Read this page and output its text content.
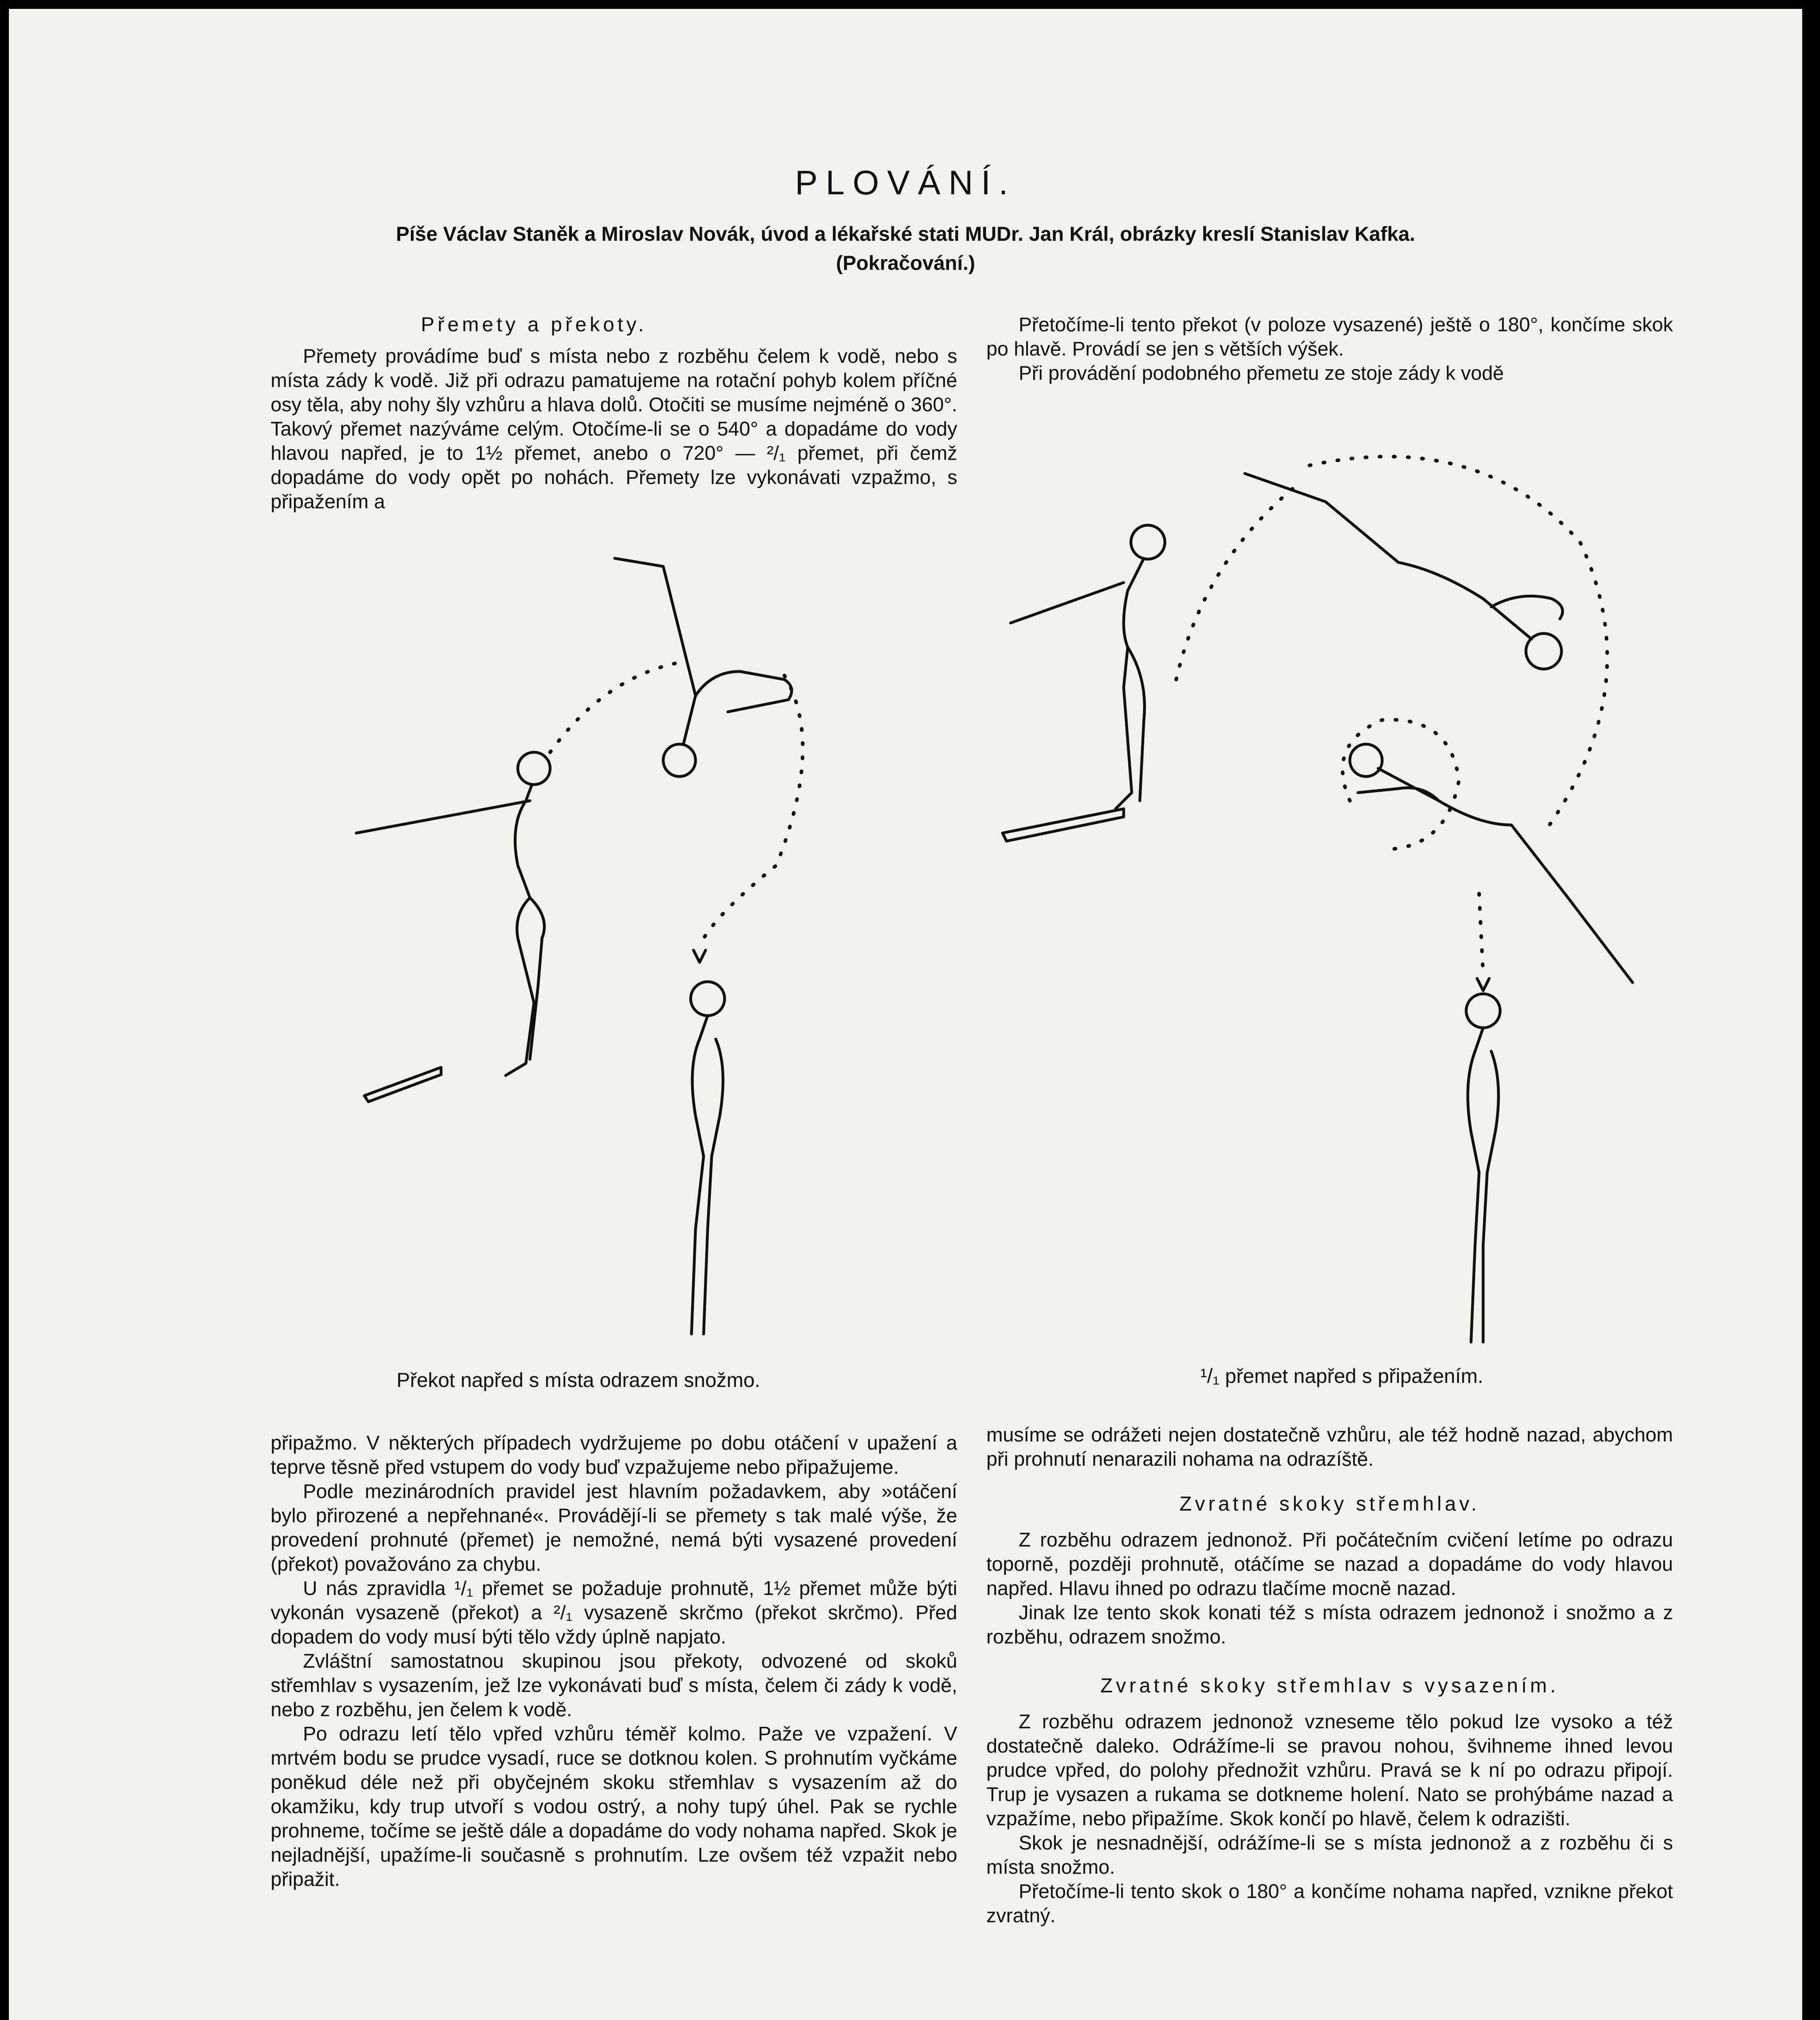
PLOVÁNÍ.
Píše Václav Staněk a Miroslav Novák, úvod a lékařské stati MUDr. Jan Král, obrázky kreslí Stanislav Kafka.
(Pokračování.)
Přemety a překoty.

Přemety provádíme buď s místa nebo z rozběhu čelem k vodě, nebo s místa zády k vodě. Již při odrazu pamatujeme na rotační pohyb kolem příčné osy těla, aby nohy šly vzhůru a hlava dolů. Otočiti se musíme nejméně o 360°. Takový přemet nazýváme celým. Otočíme-li se o 540° a dopadáme do vody hlavou napřed, je to 1½ přemet, anebo o 720° — ²/₁ přemet, při čemž dopadáme do vody opět po nohách. Přemety lze vykonávati vzpažmo, s připažením a

Přetočíme-li tento překot (v poloze vysazené) ještě o 180°, končíme skok po hlavě. Provádí se jen s větších výšek.

Při provádění podobného přemetu ze stoje zády k vodě

Překot napřed s místa odrazem snožmo.	¹/₁ přemet napřed s připažením.

připažmo. V některých případech vydržujeme po dobu otáčení v upažení a teprve těsně před vstupem do vody buď vzpažujeme nebo připažujeme.

Podle mezinárodních pravidel jest hlavním požadavkem, aby »otáčení bylo přirozené a nepřehnané«. Provádějí-li se přemety s tak malé výše, že provedení prohnuté (přemet) je nemožné, nemá býti vysazené provedení (překot) považováno za chybu.

U nás zpravidla ¹/₁ přemet se požaduje prohnutě, 1½ přemet může býti vykonán vysazeně (překot) a ²/₁ vysazeně skrčmo (překot skrčmo). Před dopadem do vody musí býti tělo vždy úplně napjato.

Zvláštní samostatnou skupinou jsou překoty, odvozené od skoků střemhlav s vysazením, jež lze vykonávati buď s místa, čelem či zády k vodě, nebo z rozběhu, jen čelem k vodě.

Po odrazu letí tělo vpřed vzhůru téměř kolmo. Paže ve vzpažení. V mrtvém bodu se prudce vysadí, ruce se dotknou kolen. S prohnutím vyčkáme poněkud déle než při obyčejném skoku střemhlav s vysazením až do okamžiku, kdy trup utvoří s vodou ostrý, a nohy tupý úhel. Pak se rychle prohneme, točíme se ještě dále a dopadáme do vody nohama napřed. Skok je nejladnější, upažíme-li současně s prohnutím. Lze ovšem též vzpažit nebo připažit.

musíme se odrážeti nejen dostatečně vzhůru, ale též hodně nazad, abychom při prohnutí nenarazili nohama na odrazíště.

Zvratné skoky střemhlav.

Z rozběhu odrazem jednonož. Při počátečním cvičení letíme po odrazu toporně, později prohnutě, otáčíme se nazad a dopadáme do vody hlavou napřed. Hlavu ihned po odrazu tlačíme mocně nazad.

Jinak lze tento skok konati též s místa odrazem jednonož i snožmo a z rozběhu, odrazem snožmo.

Zvratné skoky střemhlav s vysazením.

Z rozběhu odrazem jednonož vzneseme tělo pokud lze vysoko a též dostatečně daleko. Odrážíme-li se pravou nohou, švihneme ihned levou prudce vpřed, do polohy přednožit vzhůru. Pravá se k ní po odrazu připojí. Trup je vysazen a rukama se dotkneme holení. Nato se prohýbáme nazad a vzpažíme, nebo připažíme. Skok končí po hlavě, čelem k odrazišti.

Skok je nesnadnější, odrážíme-li se s místa jednonož a z rozběhu či s místa snožmo.

Přetočíme-li tento skok o 180° a končíme nohama napřed, vznikne překot zvratný.
